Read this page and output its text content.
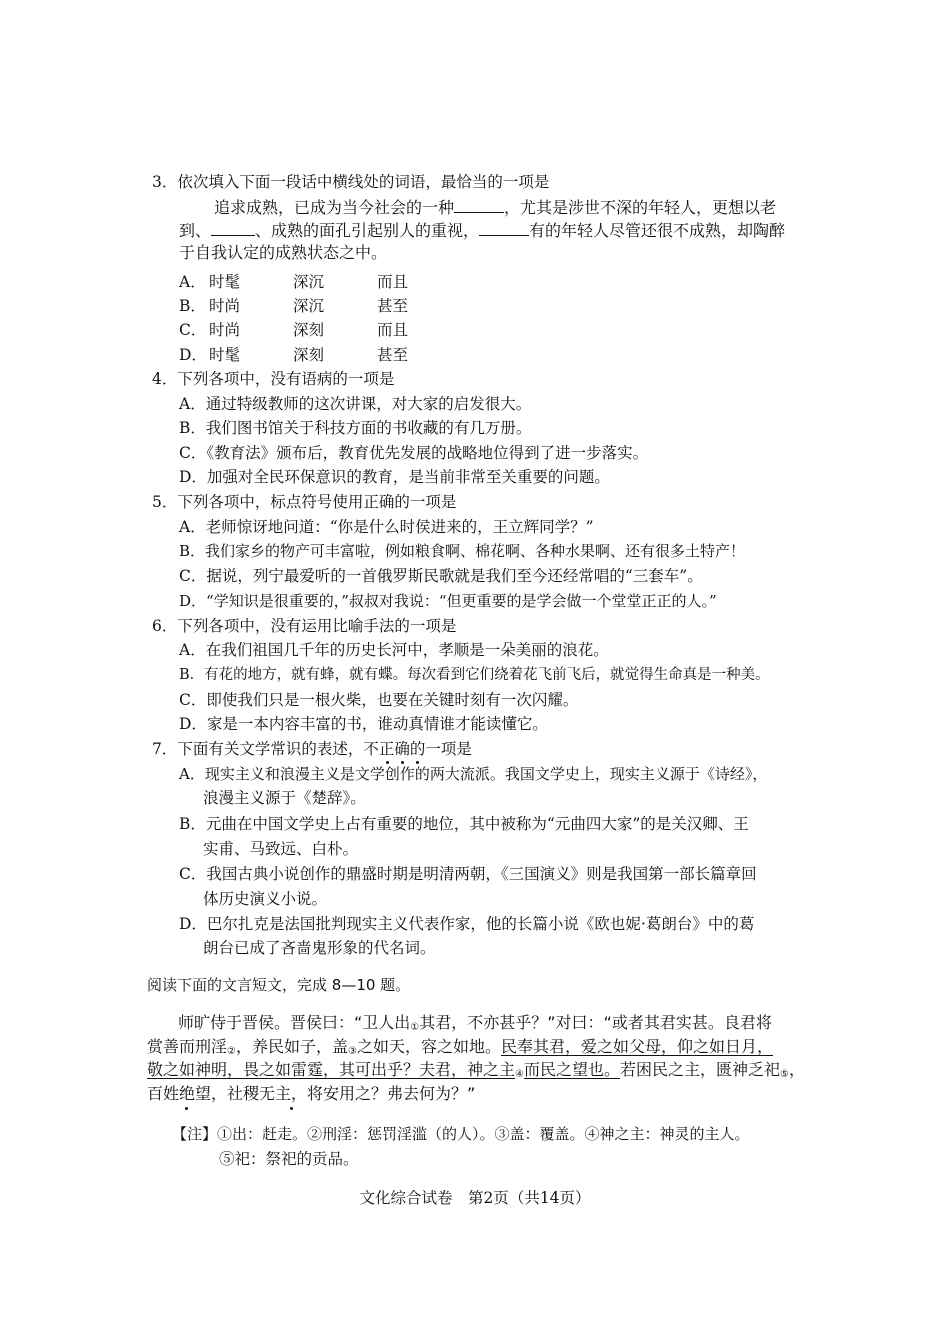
3．依次填入下面一段话中横线处的词语，最恰当的一项是
追求成熟，已成为当今社会的一种	，尤其是涉世不深的年轻人，更想以老
到、	、成熟的面孔引起别人的重视，	有的年轻人尽管还很不成熟，却陶醉
于自我认定的成熟状态之中。
A． 时髦	深沉	而且
B． 时尚	深沉	甚至
C． 时尚	深刻	而且
D． 时髦	深刻	甚至
4．下列各项中，没有语病的一项是
A．通过特级教师的这次讲课，对大家的启发很大。
B．我们图书馆关于科技方面的书收藏的有几万册。
C．《教育法》颁布后，教育优先发展的战略地位得到了进一步落实。
D．加强对全民环保意识的教育，是当前非常至关重要的问题。
5．下列各项中，标点符号使用正确的一项是
A．老师惊讶地问道：“你是什么时侯进来的，王立辉同学？”
B．我们家乡的物产可丰富啦，例如粮食啊、棉花啊、各种水果啊、还有很多土特产！
C．据说，列宁最爱听的一首俄罗斯民歌就是我们至今还经常唱的“三套车”。
D．“学知识是很重要的，”叔叔对我说：“但更重要的是学会做一个堂堂正正的人。”
6．下列各项中，没有运用比喻手法的一项是
A．在我们祖国几千年的历史长河中，孝顺是一朵美丽的浪花。
B．有花的地方，就有蜂，就有蝶。每次看到它们绕着花飞前飞后，就觉得生命真是一种美。
C．即使我们只是一根火柴，也要在关键时刻有一次闪耀。
D．家是一本内容丰富的书，谁动真情谁才能读懂它。
7．下面有关文学常识的表述，不正确的一项是
A．现实主义和浪漫主义是文学创作的两大流派。我国文学史上，现实主义源于《诗经》，
浪漫主义源于《楚辞》。
B．元曲在中国文学史上占有重要的地位，其中被称为“元曲四大家”的是关汉卿、王
实甫、马致远、白朴。
C．我国古典小说创作的鼎盛时期是明清两朝，《三国演义》则是我国第一部长篇章回
体历史演义小说。
D．巴尔扎克是法国批判现实主义代表作家，他的长篇小说《欧也妮·葛朗台》中的葛
朗台已成了吝啬鬼形象的代名词。
阅读下面的文言短文，完成 8—10 题。
师旷侍于晋侯。晋侯曰：“卫人出$_①$其君，不亦甚乎？”对曰：“或者其君实甚。良君将
赏善而刑淫$_②$，养民如子，盖$_③$之如天，容之如地。民奉其君，爱之如父母，仰之如日月，
敬之如神明，畏之如雷霆，其可出乎？夫君，神之主$_④$而民之望也。若困民之主，匮神乏祀$_⑤$，
百姓绝望，社稷无主，将安用之？弗去何为？”
【注】①出：赶走。②刑淫：惩罚淫滥（的人）。③盖：覆盖。④神之主：神灵的主人。
⑤祀：祭祀的贡品。
文化综合试卷　第2页（共14页）
